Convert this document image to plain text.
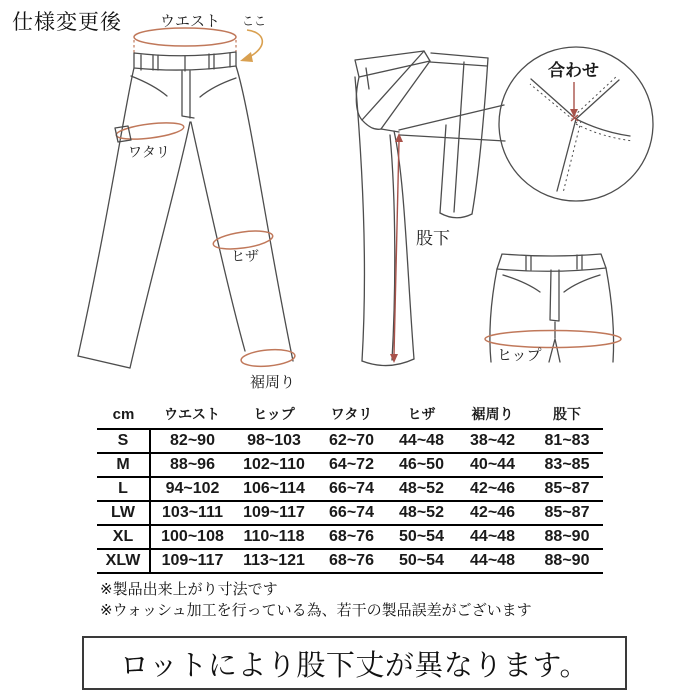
仕様変更後	ウエスト ここ
ワタリ
ヒザ
裾周り
股下
合わせ
ヒップ
cm	ウエスト	ヒップ	ワタリ	ヒザ	裾周り	股下
S	82~90	98~103	62~70	44~48	38~42	81~83
M	88~96	102~110	64~72	46~50	40~44	83~85
L	94~102	106~114	66~74	48~52	42~46	85~87
LW	103~111	109~117	66~74	48~52	42~46	85~87
XL	100~108	110~118	68~76	50~54	44~48	88~90
XLW	109~117	113~121	68~76	50~54	44~48	88~90
※製品出来上がり寸法です
※ウォッシュ加工を行っている為、若干の製品誤差がございます
ロットにより股下丈が異なります。
